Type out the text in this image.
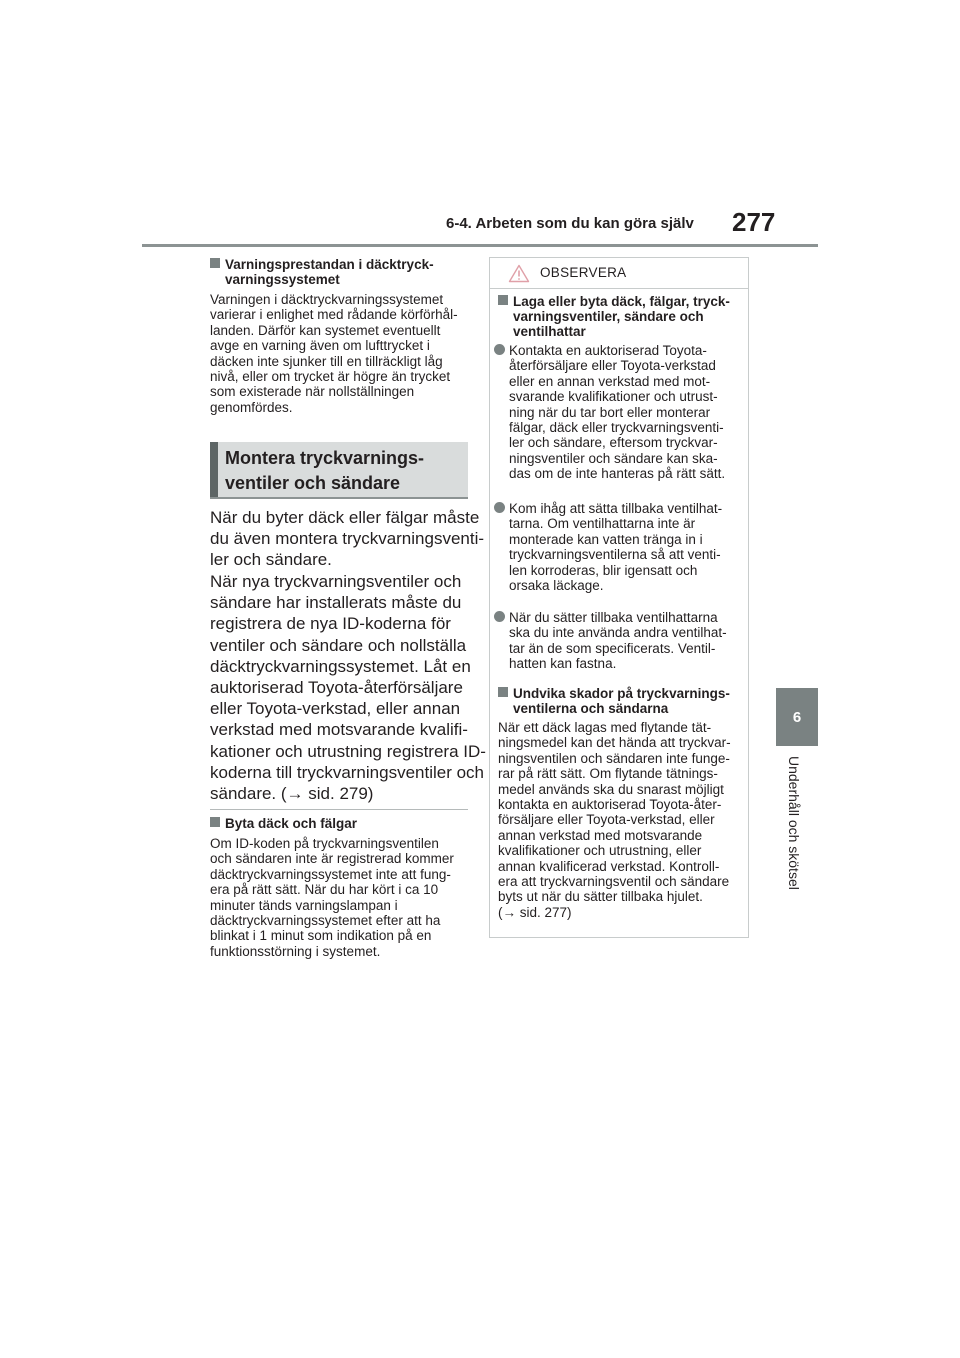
6-4. Arbeten som du kan göra själv 277
6
Underhåll och skötsel
Varningsprestandan i däcktryck-
varningssystemet
Varningen i däcktryckvarningssystemet
varierar i enlighet med rådande körförhål-
landen. Därför kan systemet eventuellt
avge en varning även om lufttrycket i
däcken inte sjunker till en tillräckligt låg
nivå, eller om trycket är högre än trycket
som existerade när nollställningen
genomfördes.
Montera tryckvarnings-
ventiler och sändare
När du byter däck eller fälgar måste
du även montera tryckvarningsventi-
ler och sändare.
När nya tryckvarningsventiler och
sändare har installerats måste du
registrera de nya ID-koderna för
ventiler och sändare och nollställa
däcktryckvarningssystemet. Låt en
auktoriserad Toyota-återförsäljare
eller Toyota-verkstad, eller annan
verkstad med motsvarande kvalifi-
kationer och utrustning registrera ID-
koderna till tryckvarningsventiler och
sändare. (→ sid. 279)
Byta däck och fälgar
Om ID-koden på tryckvarningsventilen
och sändaren inte är registrerad kommer
däcktryckvarningssystemet inte att fung-
era på rätt sätt. När du har kört i ca 10
minuter tänds varningslampan i
däcktryckvarningssystemet efter att ha
blinkat i 1 minut som indikation på en
funktionsstörning i systemet.
OBSERVERA
Laga eller byta däck, fälgar, tryck-
varningsventiler, sändare och
ventilhattar
Kontakta en auktoriserad Toyota-
återförsäljare eller Toyota-verkstad
eller en annan verkstad med mot-
svarande kvalifikationer och utrust-
ning när du tar bort eller monterar
fälgar, däck eller tryckvarningsventi-
ler och sändare, eftersom tryckvar-
ningsventiler och sändare kan ska-
das om de inte hanteras på rätt sätt.
Kom ihåg att sätta tillbaka ventilhat-
tarna. Om ventilhattarna inte är
monterade kan vatten tränga in i
tryckvarningsventilerna så att venti-
len korroderas, blir igensatt och
orsaka läckage.
När du sätter tillbaka ventilhattarna
ska du inte använda andra ventilhat-
tar än de som specificerats. Ventil-
hatten kan fastna.
Undvika skador på tryckvarnings-
ventilerna och sändarna
När ett däck lagas med flytande tät-
ningsmedel kan det hända att tryckvar-
ningsventilen och sändaren inte funge-
rar på rätt sätt. Om flytande tätnings-
medel används ska du snarast möjligt
kontakta en auktoriserad Toyota-åter-
försäljare eller Toyota-verkstad, eller
annan verkstad med motsvarande
kvalifikationer och utrustning, eller
annan kvalificerad verkstad. Kontroll-
era att tryckvarningsventil och sändare
byts ut när du sätter tillbaka hjulet.
(→ sid. 277)
